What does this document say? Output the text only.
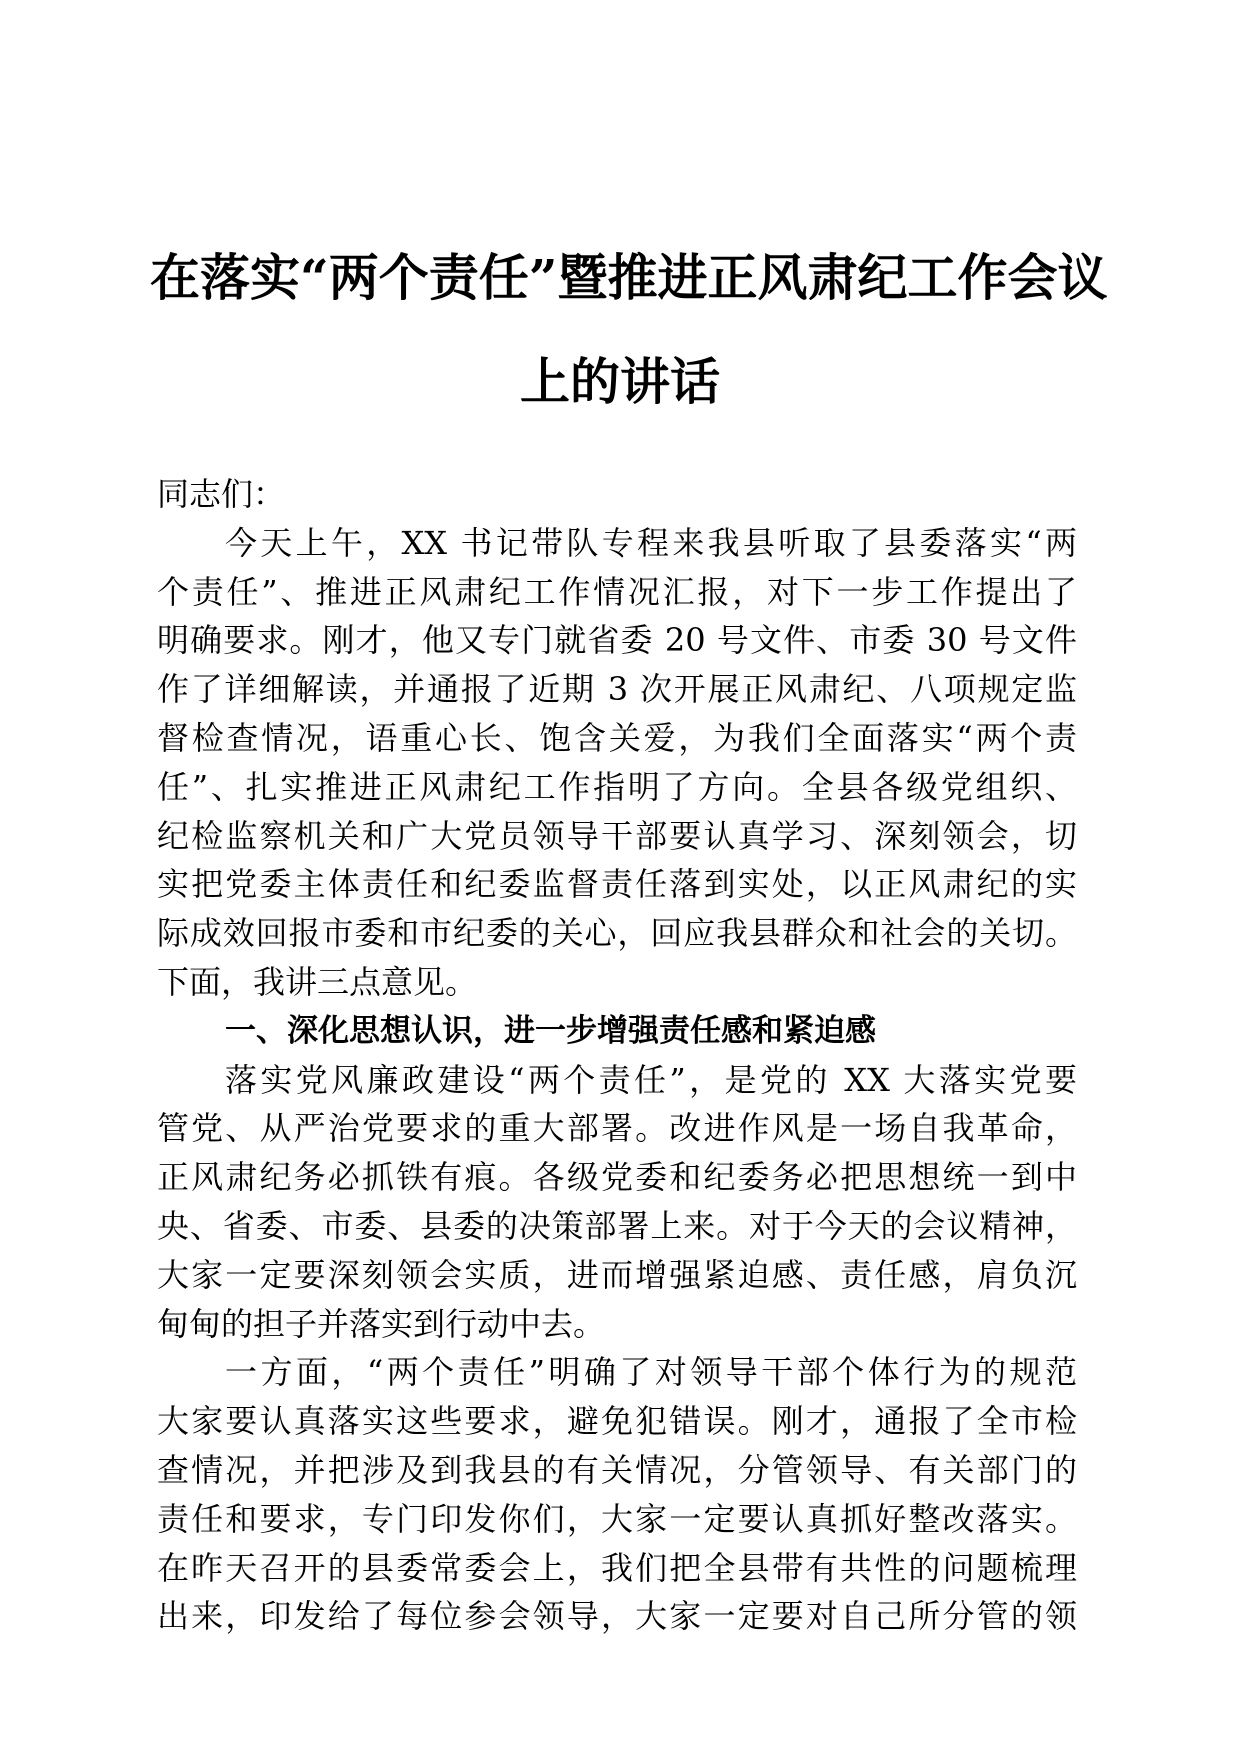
在落实“两个责任”暨推进正风肃纪工作会议
上的讲话
同志们：
今天上午，XX 书记带队专程来我县听取了县委落实“两
个责任”、推进正风肃纪工作情况汇报，对下一步工作提出了
明确要求。刚才，他又专门就省委 20 号文件、市委 30 号文件
作了详细解读，并通报了近期 3 次开展正风肃纪、八项规定监
督检查情况，语重心长、饱含关爱，为我们全面落实“两个责
任”、扎实推进正风肃纪工作指明了方向。全县各级党组织、
纪检监察机关和广大党员领导干部要认真学习、深刻领会，切
实把党委主体责任和纪委监督责任落到实处，以正风肃纪的实
际成效回报市委和市纪委的关心，回应我县群众和社会的关切。
下面，我讲三点意见。
一、深化思想认识，进一步增强责任感和紧迫感
落实党风廉政建设“两个责任”，是党的 XX 大落实党要
管党、从严治党要求的重大部署。改进作风是一场自我革命，
正风肃纪务必抓铁有痕。各级党委和纪委务必把思想统一到中
央、省委、市委、县委的决策部署上来。对于今天的会议精神，
大家一定要深刻领会实质，进而增强紧迫感、责任感，肩负沉
甸甸的担子并落实到行动中去。
一方面，“两个责任”明确了对领导干部个体行为的规范
大家要认真落实这些要求，避免犯错误。刚才，通报了全市检
查情况，并把涉及到我县的有关情况，分管领导、有关部门的
责任和要求，专门印发你们，大家一定要认真抓好整改落实。
在昨天召开的县委常委会上，我们把全县带有共性的问题梳理
出来，印发给了每位参会领导，大家一定要对自己所分管的领
